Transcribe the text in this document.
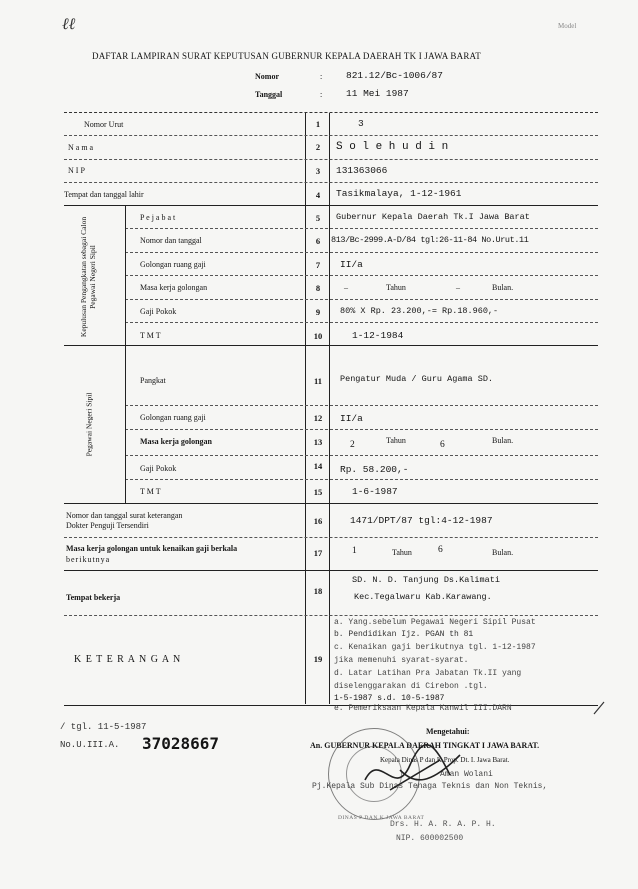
ℓℓ	Model
DAFTAR LAMPIRAN SURAT KEPUTUSAN GUBERNUR KEPALA DAERAH TK I JAWA BARAT
Nomor	:	821.12/Bc-1006/87
Tanggal	:	11 Mei 1987
Kepulusan Pengangkatan sebagai Calon Pegawai Negeri Sipil
Pegawai Negeri Sipil
Nomor Urut	1	3
N a m a	2	S o l e h u d i n
N I P	3	131363066
Tempat dan tanggal lahir	4	Tasikmalaya, 1-12-1961
P e j a b a t	5	Gubernur Kepala Daerah Tk.I Jawa Barat
Nomor dan tanggal	6	813/Bc-2999.A-D/84 tgl:26-11-84 No.Urut.11
Golongan ruang gaji	7	II/a
Masa kerja golongan	8	_	Tahun	_	Bulan.
Gaji Pokok	9	80% X Rp. 23.200,-= Rp.18.960,-
T M T	10	1-12-1984
Pangkat	11	Pengatur Muda / Guru Agama SD.
Golongan ruang gaji	12	II/a
Masa kerja golongan	13	2	Tahun	6	Bulan.
Gaji Pokok	14	Rp. 58.200,-
T M T	15	1-6-1987
Nomor dan tanggal surat keterangan
Dokter Penguji Tersendiri	16	1471/DPT/87 tgl:4-12-1987
Masa kerja golongan untuk kenaikan gaji berkala
berikutnya
17	1	Tahun	6	Bulan.
Tempat bekerja
18
SD. N. D. Tanjung Ds.Kalimati
Kec.Tegalwaru Kab.Karawang.
K E T E R A N G A N	19
a. Yang.sebelum Pegawai Negeri Sipil Pusat
b. Pendidikan Ijz. PGAN th 81
c. Kenaikan gaji berikutnya tgl. 1-12-1987
jika memenuhi syarat-syarat.
d. Latar Latihan Pra Jabatan Tk.II yang
diselenggarakan di Cirebon .tgl.
1-5-1987 s.d. 10-5-1987
e. Pemeriksaan Kepala Kanwil III.DARN
/ tgl. 11-5-1987
No.U.III.A. 37028667
Mengetahui:
An. GUBERNUR KEPALA DAERAH TINGKAT I JAWA BARAT.
Kepala Dinas P dan K Prop. Dt. I. Jawa Barat.
Aman Wolani
Pj.Kepala Sub Dinas Tenaga Teknis dan Non Teknis,
Drs. H. A. R. A. P. H.
NIP. 600002500
DINAS P DAN K JAWA BARAT
